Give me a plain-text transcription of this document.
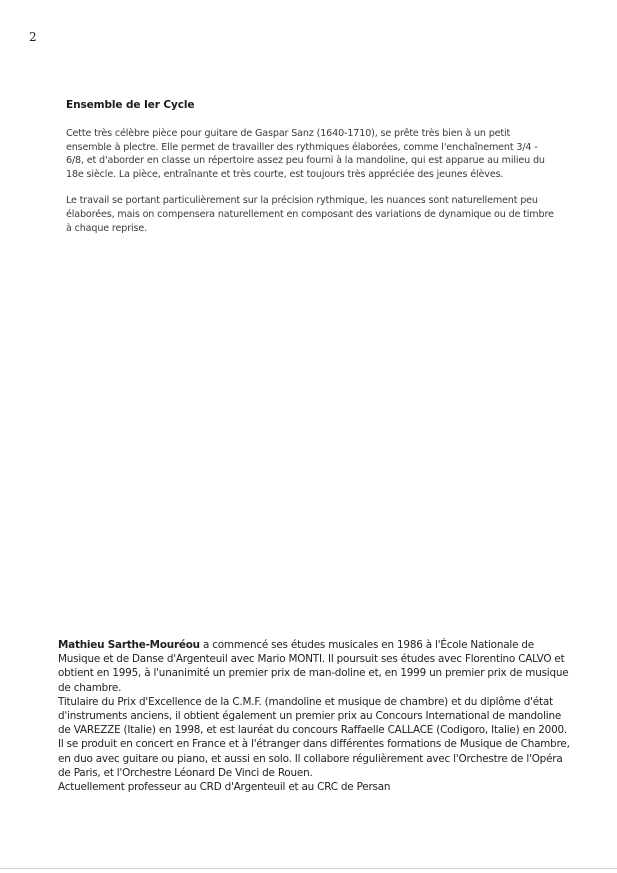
2
Ensemble de Ier Cycle

Cette très célèbre pièce pour guitare de Gaspar Sanz (1640-1710), se prête très bien à un petit ensemble à plectre. Elle permet de travailler des rythmiques élaborées, comme l'enchaînement 3/4 - 6/8, et d'aborder en classe un répertoire assez peu fourni à la mandoline, qui est apparue au milieu du 18e siècle. La pièce, entraînante et très courte, est toujours très appréciée des jeunes élèves.

Le travail se portant particulièrement sur la précision rythmique, les nuances sont naturellement peu élaborées, mais on compensera naturellement en composant des variations de dynamique ou de timbre à chaque reprise.

Mathieu Sarthe-Mouréou a commencé ses études musicales en 1986 à l'École Nationale de Musique et de Danse d'Argenteuil avec Mario MONTI. Il poursuit ses études avec Florentino CALVO et obtient en 1995, à l'unanimité un premier prix de man-doline et, en 1999 un premier prix de musique de chambre.

Titulaire du Prix d'Excellence de la C.M.F. (mandoline et musique de chambre) et du diplôme d'état d'instruments anciens, il obtient également un premier prix au Concours International de mandoline de VAREZZE (Italie) en 1998, et est lauréat du concours Raffaelle CALLACE (Codigoro, Italie) en 2000.

Il se produit en concert en France et à l'étranger dans différentes formations de Musique de Chambre, en duo avec guitare ou piano, et aussi en solo. Il collabore régulièrement avec l'Orchestre de l'Opéra de Paris, et l'Orchestre Léonard De Vinci de Rouen.

Actuellement professeur au CRD d'Argenteuil et au CRC de Persan
